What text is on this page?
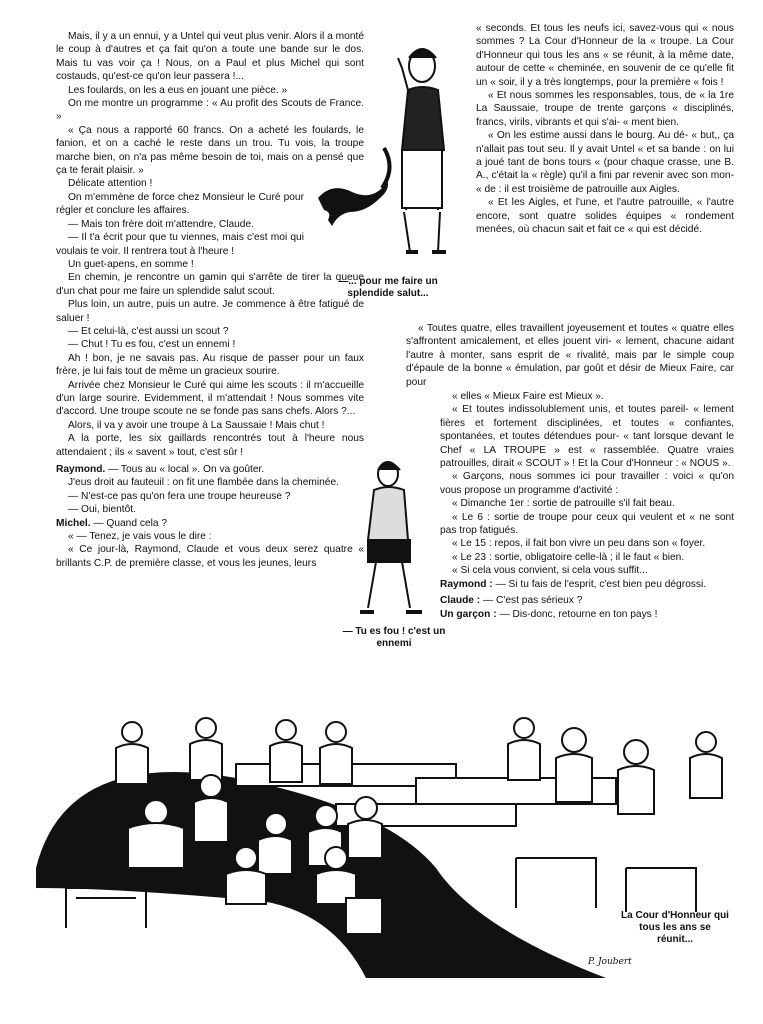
Mais, il y a un ennui, y a Untel qui veut plus venir. Alors il a monté le coup à d'autres et ça fait qu'on a toute une bande sur le dos. Mais tu vas voir ça ! Nous, on a Paul et plus Michel qui sont costauds, qu'est-ce qu'on leur passera !...

Les foulards, on les a eus en jouant une pièce. »

On me montre un programme : « Au profit des Scouts de France. »

« Ça nous a rapporté 60 francs. On a acheté les foulards, le fanion, et on a caché le reste dans un trou. Tu vois, la troupe marche bien, on n'a pas même besoin de toi, mais on a pensé que ça te ferait plaisir. »

Délicate attention !

On m'emmène de force chez Monsieur le Curé pour régler et conclure les affaires.

— Mais ton frère doit m'attendre, Claude.

— Il t'a écrit pour que tu viennes, mais c'est moi qui voulais te voir. Il rentrera tout à l'heure !

Un guet-apens, en somme !

En chemin, je rencontre un gamin qui s'arrête de tirer la queue d'un chat pour me faire un splendide salut scout.

Plus loin, un autre, puis un autre. Je commence à être fatigué de saluer !

— Et celui-là, c'est aussi un scout ?

— Chut ! Tu es fou, c'est un ennemi !

Ah ! bon, je ne savais pas. Au risque de passer pour un faux frère, je lui fais tout de même un gracieux sourire.

Arrivée chez Monsieur le Curé qui aime les scouts : il m'accueille d'un large sourire. Evidemment, il m'attendait ! Nous sommes vite d'accord. Une troupe scoute ne se fonde pas sans chefs. Alors ?...

Alors, il va y avoir une troupe à La Saussaie ! Mais chut !

A la porte, les six gaillards rencontrés tout à l'heure nous attendaient ; ils « savent » tout, c'est sûr !

Raymond. — Tous au « local ». On va goûter.

J'eus droit au fauteuil : on fit une flambée dans la cheminée.

— N'est-ce pas qu'on fera une troupe heureuse ?

— Oui, bientôt.

Michel. — Quand cela ?

« — Tenez, je vais vous le dire :

« Ce jour-là, Raymond, Claude et vous deux serez quatre « brillants C.P. de première classe, et vous les jeunes, leurs

« seconds. Et tous les neufs ici, savez-vous qui « nous sommes ? La Cour d'Honneur de la « troupe. La Cour d'Honneur qui tous les ans « se réunit, à la même date, autour de cette « cheminée, en souvenir de ce qu'elle fit un « soir, il y a très longtemps, pour la première « fois !

« Et nous sommes les responsables, tous, de « la 1re La Saussaie, troupe de trente garçons « disciplinés, francs, virils, vibrants et qui s'ai- « ment bien.

« On les estime aussi dans le bourg. Au dé- « but,, ça n'allait pas tout seu. Il y avait Untel « et sa bande : on lui a joué tant de bons tours « (pour chaque crasse, une B. A., c'était la « règle) qu'il a fini par revenir avec son mon- « de : il est troisième de patrouille aux Aigles.

« Et les Aigles, et l'une, et l'autre patrouille, « l'autre encore, sont quatre solides équipes « rondement menées, où chacun sait et fait ce « qui est décidé.

« Toutes quatre, elles travaillent joyeusement et toutes « quatre elles s'affrontent amicalement, et elles jouent viri- « lement, chacune aidant l'autre à monter, sans esprit de « rivalité, mais par le simple coup d'épaule de la bonne « émulation, par goût et désir de Mieux Faire, car pour

« elles « Mieux Faire est Mieux ».

« Et toutes indissolublement unis, et toutes pareil- « lement fières et fortement disciplinées, et toutes « confiantes, spontanées, et toutes détendues pour- « tant lorsque devant le Chef « LA TROUPE » est « rassemblée. Quatre vraies patrouilles, dirait « SCOUT » ! Et la Cour d'Honneur : « NOUS ».

« Garçons, nous sommes ici pour travailler : voici « qu'on vous propose un programme d'activité :

« Dimanche 1er : sortie de patrouille s'il fait beau.

« Le 6 : sortie de troupe pour ceux qui veulent et « ne sont pas trop fatigués.

« Le 15 : repos, il fait bon vivre un peu dans son « foyer.

« Le 23 : sortie, obligatoire celle-là ; il le faut « bien.

« Si cela vous convient, si cela vous suffit...

Raymond : — Si tu fais de l'esprit, c'est bien peu dégrossi.

Claude : — C'est pas sérieux ?

Un garçon : — Dis-donc, retourne en ton pays !

—... pour me faire un splendide salut...
— Tu es fou ! c'est un ennemi
La Cour d'Honneur qui tous les ans se réunit...
P. Joubert
